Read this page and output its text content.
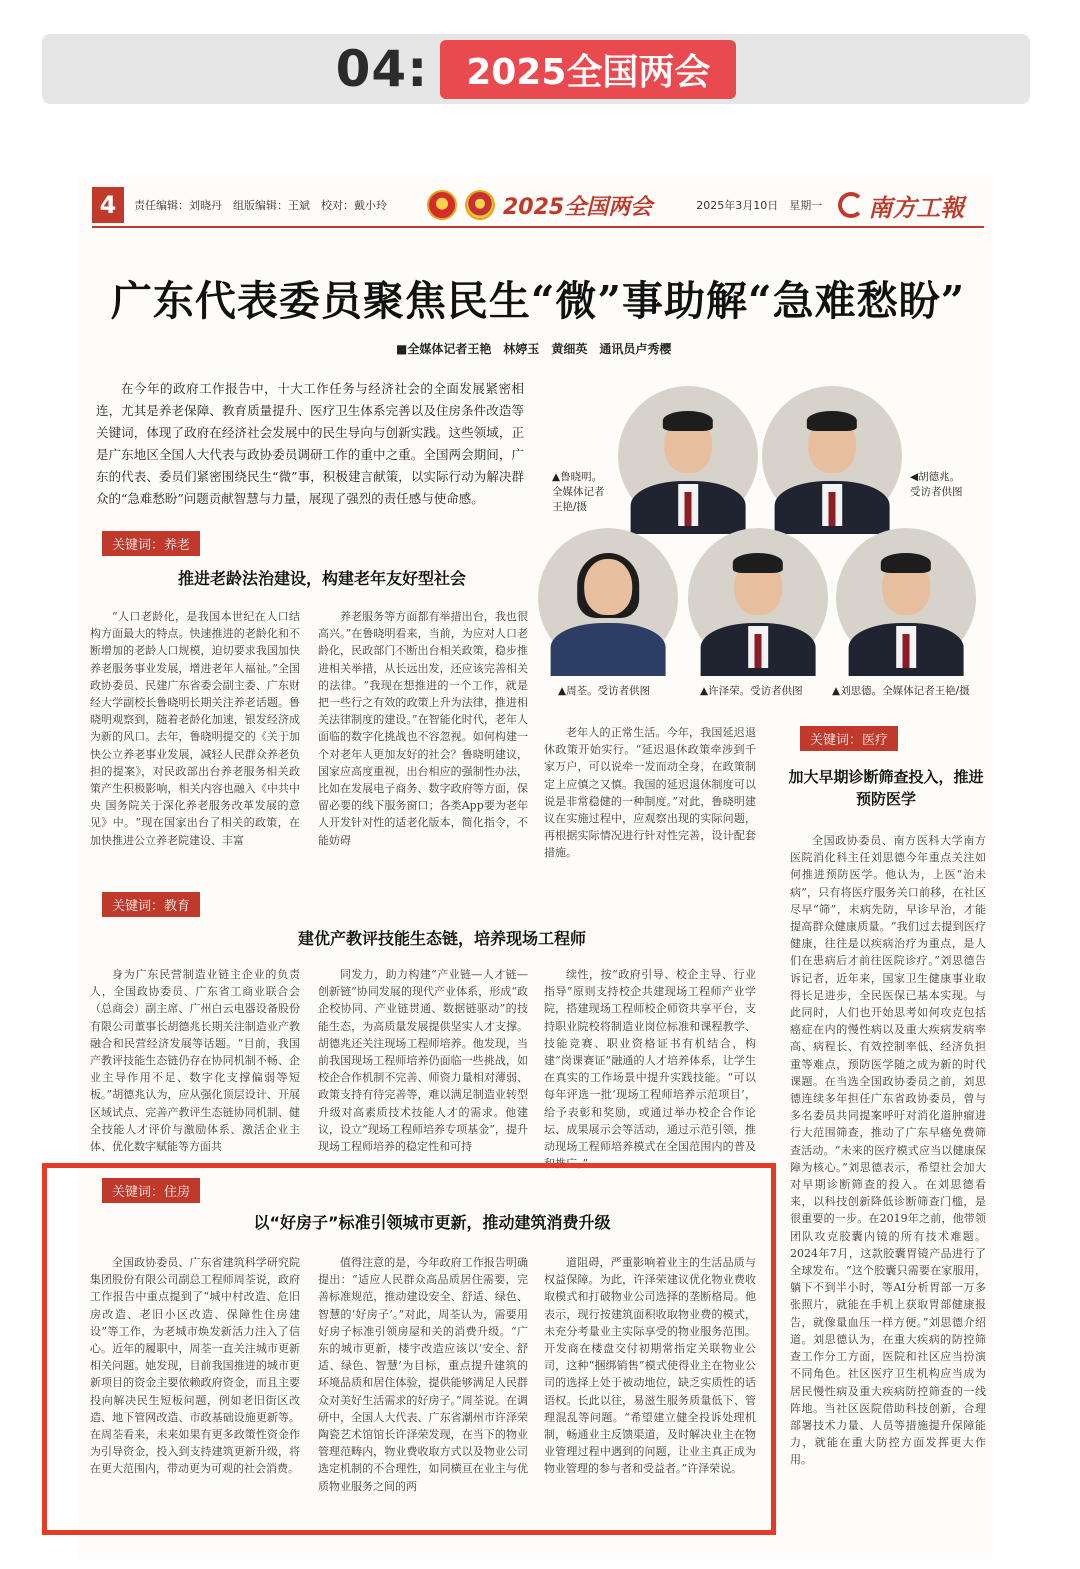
04:	2025全国两会
4	责任编辑：刘晓丹　组版编辑：王斌　校对：戴小玲	2025全国两会	2025年3月10日　星期一 南方工報
广东代表委员聚焦民生“微”事助解“急难愁盼”
■全媒体记者王艳　林婷玉　黄细英　通讯员卢秀樱

在今年的政府工作报告中，十大工作任务与经济社会的全面发展紧密相连，尤其是养老保障、教育质量提升、医疗卫生体系完善以及住房条件改造等关键词，体现了政府在经济社会发展中的民生导向与创新实践。这些领域，正是广东地区全国人大代表与政协委员调研工作的重中之重。全国两会期间，广东的代表、委员们紧密围绕民生“微”事，积极建言献策，以实际行动为解决群众的“急难愁盼”问题贡献智慧与力量，展现了强烈的责任感与使命感。

▲鲁晓明。
全媒体记者
王艳/摄
◀胡德兆。
受访者供图
▲周荃。受访者供图	▲许泽荣。受访者供图	▲刘思德。全媒体记者王艳/摄
关键词：养老
推进老龄法治建设，构建老年友好型社会

“人口老龄化，是我国本世纪在人口结构方面最大的特点。快速推进的老龄化和不断增加的老龄人口规模，迫切要求我国加快养老服务事业发展，增进老年人福祉。”全国政协委员、民建广东省委会副主委、广东财经大学副校长鲁晓明长期关注养老话题。鲁晓明观察到，随着老龄化加速，银发经济成为新的风口。去年，鲁晓明提交的《关于加快公立养老事业发展，减轻人民群众养老负担的提案》，对民政部出台养老服务相关政策产生积极影响，相关内容也融入《中共中央 国务院关于深化养老服务改革发展的意见》中。“现在国家出台了相关的政策，在加快推进公立养老院建设、丰富

养老服务等方面都有举措出台，我也很高兴。”在鲁晓明看来，当前，为应对人口老龄化，民政部门不断出台相关政策，稳步推进相关举措，从长远出发，还应该完善相关的法律。“我现在想推进的一个工作，就是把一些行之有效的政策上升为法律，推进相关法律制度的建设。”在智能化时代，老年人面临的数字化挑战也不容忽视。如何构建一个对老年人更加友好的社会？鲁晓明建议，国家应高度重视，出台相应的强制性办法，比如在发展电子商务、数字政府等方面，保留必要的线下服务窗口；各类App要为老年人开发针对性的适老化版本，简化指令，不能妨碍

老年人的正常生活。今年，我国延迟退休政策开始实行。“延迟退休政策牵涉到千家万户，可以说牵一发而动全身，在政策制定上应慎之又慎。我国的延迟退休制度可以说是非常稳健的一种制度。”对此，鲁晓明建议在实施过程中，应观察出现的实际问题，再根据实际情况进行针对性完善，设计配套措施。

关键词：医疗
加大早期诊断筛查投入，推进预防医学

全国政协委员、南方医科大学南方医院消化科主任刘思德今年重点关注如何推进预防医学。他认为，上医“治未病”，只有将医疗服务关口前移，在社区尽早“筛”，未病先防，早诊早治，才能提高群众健康质量。“我们过去提到医疗健康，往往是以疾病治疗为重点，是人们在患病后才前往医院诊疗。”刘思德告诉记者，近年来，国家卫生健康事业取得长足进步，全民医保已基本实现。与此同时，人们也开始思考如何攻克包括癌症在内的慢性病以及重大疾病发病率高、病程长、有效控制率低、经济负担重等难点，预防医学随之成为新的时代课题。在当选全国政协委员之前，刘思德连续多年担任广东省政协委员，曾与多名委员共同提案呼吁对消化道肿瘤进行大范围筛查，推动了广东早癌免费筛查活动。“未来的医疗模式应当以健康保障为核心。”刘思德表示，希望社会加大对早期诊断筛查的投入。在刘思德看来，以科技创新降低诊断筛查门槛，是很重要的一步。在2019年之前，他带领团队攻克胶囊内镜的所有技术难题。2024年7月，这款胶囊胃镜产品进行了全球发布。“这个胶囊只需要在家服用，躺下不到半小时，等AI分析胃部一万多张照片，就能在手机上获取胃部健康报告，就像量血压一样方便。”刘思德介绍道。刘思德认为，在重大疾病的防控筛查工作分工方面，医院和社区应当扮演不同角色。社区医疗卫生机构应当成为居民慢性病及重大疾病防控筛查的一线阵地。当社区医院借助科技创新，合理部署技术力量、人员等措施提升保障能力，就能在重大防控方面发挥更大作用。

关键词：教育
建优产教评技能生态链，培养现场工程师

身为广东民营制造业链主企业的负责人，全国政协委员、广东省工商业联合会（总商会）副主席、广州白云电器设备股份有限公司董事长胡德兆长期关注制造业产教融合和民营经济发展等话题。“目前，我国产教评技能生态链仍存在协同机制不畅、企业主导作用不足、数字化支撑偏弱等短板。”胡德兆认为，应从强化顶层设计、开展区域试点、完善产教评生态链协同机制、健全技能人才评价与激励体系、激活企业主体、优化数字赋能等方面共

同发力，助力构建“产业链—人才链—创新链”协同发展的现代产业体系，形成“政企校协同、产业链贯通、数据链驱动”的技能生态，为高质量发展提供坚实人才支撑。胡德兆还关注现场工程师培养。他发现，当前我国现场工程师培养仍面临一些挑战，如校企合作机制不完善、师资力量相对薄弱、政策支持有待完善等，难以满足制造业转型升级对高素质技术技能人才的需求。他建议，设立“现场工程师培养专项基金”，提升现场工程师培养的稳定性和可持

续性，按“政府引导、校企主导、行业指导”原则支持校企共建现场工程师产业学院，搭建现场工程师校企师资共享平台，支持职业院校将制造业岗位标准和课程教学、技能竞赛、职业资格证书有机结合，构建“岗课赛证”融通的人才培养体系，让学生在真实的工作场景中提升实践技能。“可以每年评选一批‘现场工程师培养示范项目’，给予表彰和奖励，或通过举办校企合作论坛、成果展示会等活动，通过示范引领，推动现场工程师培养模式在全国范围内的普及和推广。”

关键词：住房
以“好房子”标准引领城市更新，推动建筑消费升级

全国政协委员、广东省建筑科学研究院集团股份有限公司副总工程师周荃说，政府工作报告中重点提到了“城中村改造、危旧房改造、老旧小区改造、保障性住房建设”等工作，为老城市焕发新活力注入了信心。近年的履职中，周荃一直关注城市更新相关问题。她发现，目前我国推进的城市更新项目的资金主要依赖政府资金，而且主要投向解决民生短板问题，例如老旧街区改造、地下管网改造、市政基础设施更新等。在周荃看来，未来如果有更多政策性资金作为引导资金，投入到支持建筑更新升级，将在更大范围内，带动更为可观的社会消费。

值得注意的是，今年政府工作报告明确提出：“适应人民群众高品质居住需要，完善标准规范，推动建设安全、舒适、绿色、智慧的‘好房子’。”对此，周荃认为，需要用好房子标准引领房屋和关的消费升级。“广东的城市更新，楼宇改造应该以‘安全、舒适、绿色、智慧’为目标，重点提升建筑的环境品质和居住体验，提供能够满足人民群众对美好生活需求的好房子。”周荃说。在调研中，全国人大代表、广东省潮州市许泽荣陶瓷艺术馆馆长许泽荣发现，在当下的物业管理范畴内，物业费收取方式以及物业公司选定机制的不合理性，如同横亘在业主与优质物业服务之间的两

道阻碍，严重影响着业主的生活品质与权益保障。为此，许泽荣建议优化物业费收取模式和打破物业公司选择的垄断格局。他表示，现行按建筑面积收取物业费的模式，未充分考量业主实际享受的物业服务范围。开发商在楼盘交付初期常指定关联物业公司，这种“捆绑销售”模式使得业主在物业公司的选择上处于被动地位，缺乏实质性的话语权。长此以往，易滋生服务质量低下、管理混乱等问题。“希望建立健全投诉处理机制，畅通业主反馈渠道，及时解决业主在物业管理过程中遇到的问题，让业主真正成为物业管理的参与者和受益者。”许泽荣说。
